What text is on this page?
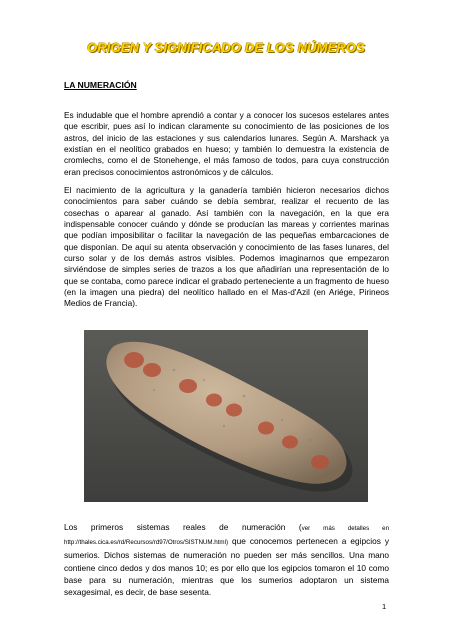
ORIGEN Y SIGNIFICADO DE LOS NÚMEROS
LA NUMERACIÓN

Es indudable que el hombre aprendió a contar y a conocer los sucesos estelares antes que escribir, pues así lo indican claramente su conocimiento de las posiciones de los astros, del inicio de las estaciones y sus calendarios lunares. Según A. Marshack ya existían en el neolítico grabados en hueso; y también lo demuestra la existencia de cromlechs, como el de Stonehenge, el más famoso de todos, para cuya construcción eran precisos conocimientos astronómicos y de cálculos.

El nacimiento de la agricultura y la ganadería también hicieron necesarios dichos conocimientos para saber cuándo se debía sembrar, realizar el recuento de las cosechas o aparear al ganado. Así también con la navegación, en la que era indispensable conocer cuándo y dónde se producían las mareas y corrientes marinas que podían imposibilitar o facilitar la navegación de las pequeñas embarcaciones de que disponían. De aquí su atenta observación y conocimiento de las fases lunares, del curso solar y de los demás astros visibles. Podemos imaginarnos que empezaron sirviéndose de simples series de trazos a los que añadirían una representación de lo que se contaba, como parece indicar el grabado perteneciente a un fragmento de hueso (en la imagen una piedra) del neolítico hallado en el Mas-d'Azil (en Ariége, Pirineos Medios de Francia).

Los primeros sistemas reales de numeración (ver más detalles en http://thales.cica.es/rd/Recursos/rd97/Otros/SISTNUM.html) que conocemos pertenecen a egipcios y sumerios. Dichos sistemas de numeración no pueden ser más sencillos. Una mano contiene cinco dedos y dos manos 10; es por ello que los egipcios tomaron el 10 como base para su numeración, mientras que los sumerios adoptaron un sistema sexagesimal, es decir, de base sesenta.

1
